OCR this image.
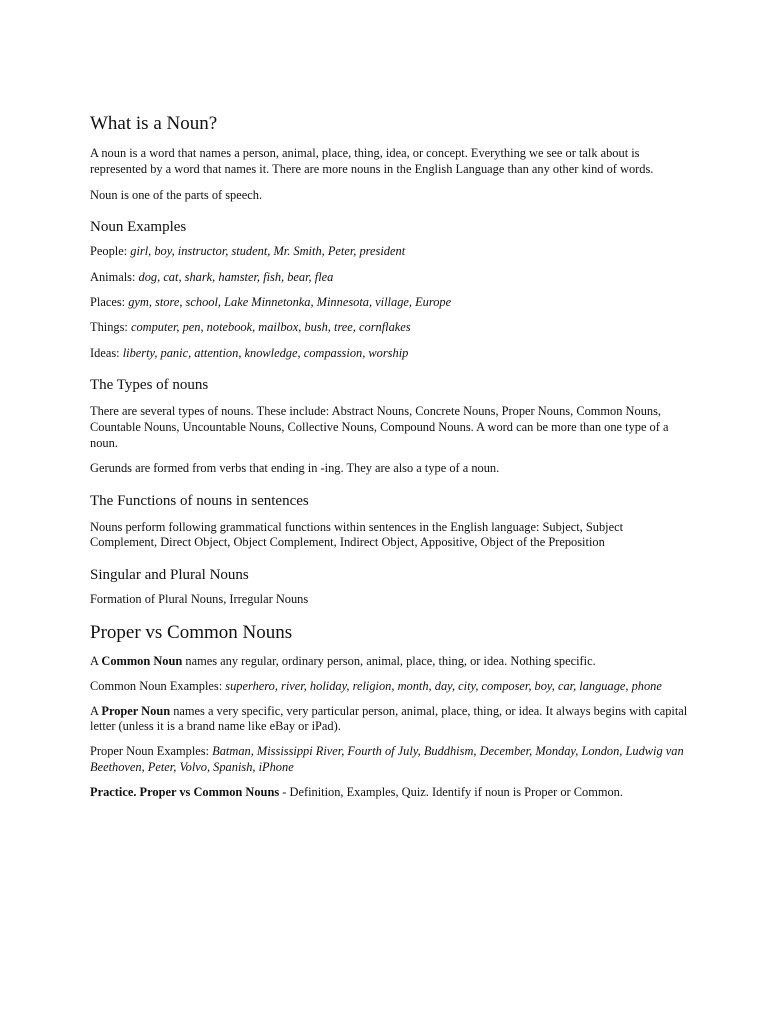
What is a Noun?

A noun is a word that names a person, animal, place, thing, idea, or concept. Everything we see or talk about is represented by a word that names it. There are more nouns in the English Language than any other kind of words.

Noun is one of the parts of speech.

Noun Examples

People: girl, boy, instructor, student, Mr. Smith, Peter, president

Animals: dog, cat, shark, hamster, fish, bear, flea

Places: gym, store, school, Lake Minnetonka, Minnesota, village, Europe

Things: computer, pen, notebook, mailbox, bush, tree, cornflakes

Ideas: liberty, panic, attention, knowledge, compassion, worship

The Types of nouns

There are several types of nouns. These include: Abstract Nouns, Concrete Nouns, Proper Nouns, Common Nouns, Countable Nouns, Uncountable Nouns, Collective Nouns, Compound Nouns. A word can be more than one type of a noun.

Gerunds are formed from verbs that ending in -ing. They are also a type of a noun.

The Functions of nouns in sentences

Nouns perform following grammatical functions within sentences in the English language: Subject, Subject Complement, Direct Object, Object Complement, Indirect Object, Appositive, Object of the Preposition

Singular and Plural Nouns

Formation of Plural Nouns, Irregular Nouns

Proper vs Common Nouns

A Common Noun names any regular, ordinary person, animal, place, thing, or idea. Nothing specific.

Common Noun Examples: superhero, river, holiday, religion, month, day, city, composer, boy, car, language, phone

A Proper Noun names a very specific, very particular person, animal, place, thing, or idea. It always begins with capital letter (unless it is a brand name like eBay or iPad).

Proper Noun Examples: Batman, Mississippi River, Fourth of July, Buddhism, December, Monday, London, Ludwig van Beethoven, Peter, Volvo, Spanish, iPhone

Practice. Proper vs Common Nouns - Definition, Examples, Quiz. Identify if noun is Proper or Common.
